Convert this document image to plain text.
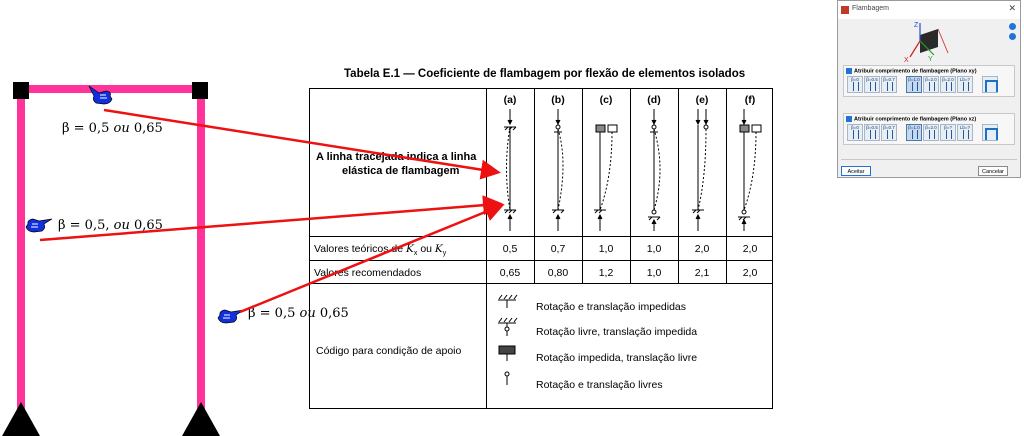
β = 0,5 ou 0,65
β = 0,5, ou 0,65
β = 0,5 ou 0,65
Tabela E.1 — Coeficiente de flambagem por flexão de elementos isolados
A linha tracejada indica a linha
elástica de flambagem
(a)	(b)	(c)	(d)	(e)	(f)
Valores teóricos de $K_x$ ou $K_y$	0,5	0,7	1,0	1,0	2,0	2,0
Valores recomendados	0,65	0,80	1,2	1,0	2,1	2,0
Código para condição de apoio
Rotação e translação impedidas
Rotação livre, translação impedida
Rotação impedida, translação livre
Rotação e translação livres
Flambagem	✕
Z
Y
X
Atribuir comprimento de flambagem (Plano xy)
β=0	β=0.5 β=0.7	β=1.0 β=2.0 β=2.0	Lb=?
Atribuir comprimento de flambagem (Plano xz)
β=0	β=0.5 β=0.7	β=1.0 β=2.0	β=?	Lb=?
Aceitar	Cancelar
